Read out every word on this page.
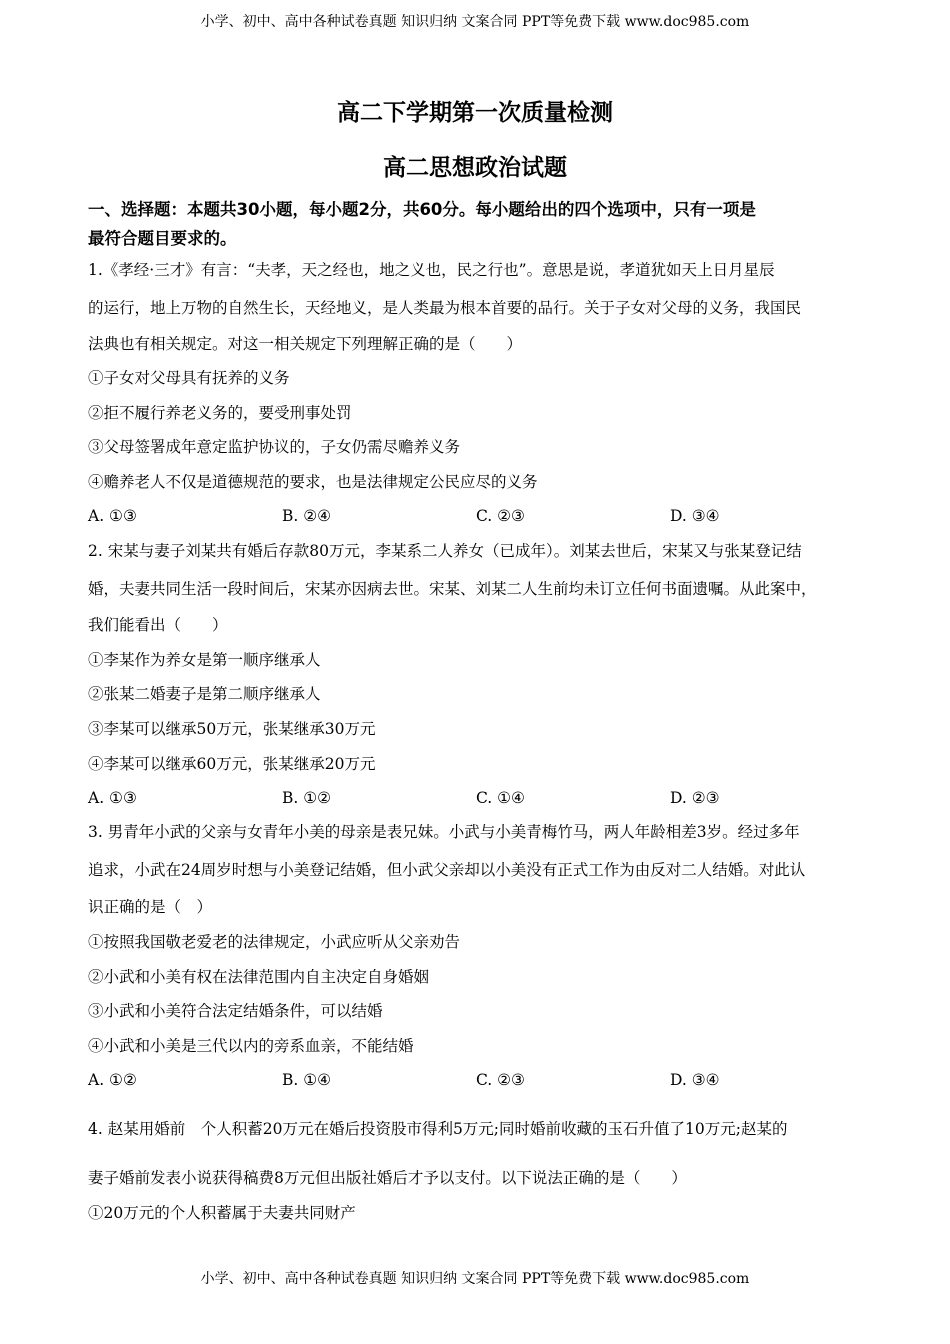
小学、初中、高中各种试卷真题 知识归纳 文案合同 PPT等免费下载 www.doc985.com
高二下学期第一次质量检测
高二思想政治试题
一、选择题：本题共30小题，每小题2分，共60分。每小题给出的四个选项中，只有一项是
最符合题目要求的。
1.《孝经·三才》有言：“夫孝，天之经也，地之义也，民之行也”。意思是说，孝道犹如天上日月星辰
的运行，地上万物的自然生长，天经地义，是人类最为根本首要的品行。关于子女对父母的义务，我国民
法典也有相关规定。对这一相关规定下列理解正确的是（　　）
①子女对父母具有抚养的义务
②拒不履行养老义务的，要受刑事处罚
③父母签署成年意定监护协议的，子女仍需尽赡养义务
④赡养老人不仅是道德规范的要求，也是法律规定公民应尽的义务
A. ①③	B. ②④	C. ②③	D. ③④
2. 宋某与妻子刘某共有婚后存款80万元，李某系二人养女（已成年）。刘某去世后，宋某又与张某登记结
婚，夫妻共同生活一段时间后，宋某亦因病去世。宋某、刘某二人生前均未订立任何书面遗嘱。从此案中，
我们能看出（　　）
①李某作为养女是第一顺序继承人
②张某二婚妻子是第二顺序继承人
③李某可以继承50万元，张某继承30万元
④李某可以继承60万元，张某继承20万元
A. ①③	B. ①②	C. ①④	D. ②③
3. 男青年小武的父亲与女青年小美的母亲是表兄妹。小武与小美青梅竹马，两人年龄相差3岁。经过多年
追求，小武在24周岁时想与小美登记结婚，但小武父亲却以小美没有正式工作为由反对二人结婚。对此认
识正确的是（　）
①按照我国敬老爱老的法律规定，小武应听从父亲劝告
②小武和小美有权在法律范围内自主决定自身婚姻
③小武和小美符合法定结婚条件，可以结婚
④小武和小美是三代以内的旁系血亲，不能结婚
A. ①②	B. ①④	C. ②③	D. ③④
4. 赵某用婚前　个人积蓄20万元在婚后投资股市得利5万元;同时婚前收藏的玉石升值了10万元;赵某的
妻子婚前发表小说获得稿费8万元但出版社婚后才予以支付。以下说法正确的是（　　）
①20万元的个人积蓄属于夫妻共同财产
小学、初中、高中各种试卷真题 知识归纳 文案合同 PPT等免费下载 www.doc985.com
